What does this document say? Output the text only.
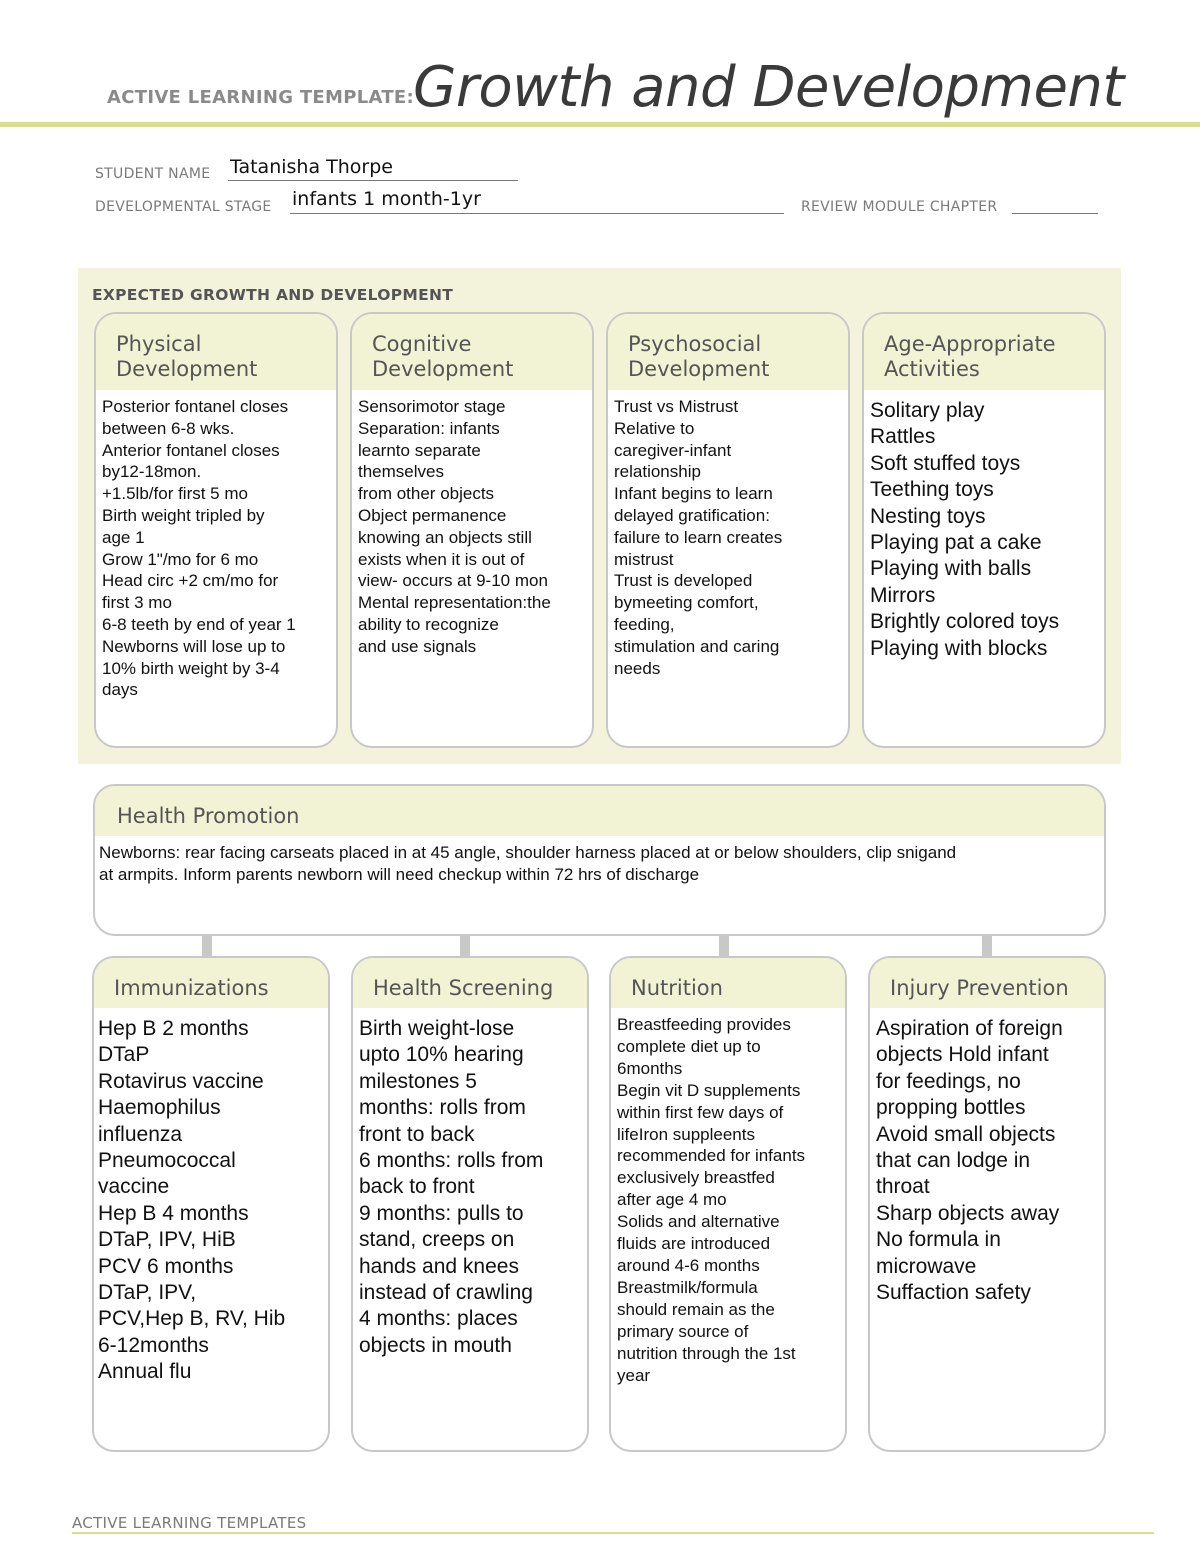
ACTIVE LEARNING TEMPLATE: Growth and Development
STUDENT NAME Tatanisha Thorpe
DEVELOPMENTAL STAGE infants 1 month-1yr	REVIEW MODULE CHAPTER
EXPECTED GROWTH AND DEVELOPMENT
Physical
Development
Posterior fontanel closes
between 6-8 wks.
Anterior fontanel closes
by12-18mon.
+1.5lb/for first 5 mo
Birth weight tripled by
age 1
Grow 1"/mo for 6 mo
Head circ +2 cm/mo for
first 3 mo
6-8 teeth by end of year 1
Newborns will lose up to
10% birth weight by 3-4
days
Cognitive
Development
Sensorimotor stage
Separation: infants
learnto separate
themselves
from other objects
Object permanence
knowing an objects still
exists when it is out of
view- occurs at 9-10 mon
Mental representation:the
ability to recognize
and use signals
Psychosocial
Development
Trust vs Mistrust
Relative to
caregiver-infant
relationship
Infant begins to learn
delayed gratification:
failure to learn creates
mistrust
Trust is developed
bymeeting comfort,
feeding,
stimulation and caring
needs
Age-Appropriate
Activities
Solitary play
Rattles
Soft stuffed toys
Teething toys
Nesting toys
Playing pat a cake
Playing with balls
Mirrors
Brightly colored toys
Playing with blocks
Health Promotion
Newborns: rear facing carseats placed in at 45 angle, shoulder harness placed at or below shoulders, clip snigand
at armpits. Inform parents newborn will need checkup within 72 hrs of discharge
Immunizations
Hep B 2 months
DTaP
Rotavirus vaccine
Haemophilus
influenza
Pneumococcal
vaccine
Hep B 4 months
DTaP, IPV, HiB
PCV 6 months
DTaP, IPV,
PCV,Hep B, RV, Hib
6-12months
Annual flu
Health Screening
Birth weight-lose
upto 10% hearing
milestones 5
months: rolls from
front to back
6 months: rolls from
back to front
9 months: pulls to
stand, creeps on
hands and knees
instead of crawling
4 months: places
objects in mouth
Nutrition
Breastfeeding provides
complete diet up to
6months
Begin vit D supplements
within first few days of
lifeIron suppleents
recommended for infants
exclusively breastfed
after age 4 mo
Solids and alternative
fluids are introduced
around 4-6 months
Breastmilk/formula
should remain as the
primary source of
nutrition through the 1st
year
Injury Prevention
Aspiration of foreign
objects Hold infant
for feedings, no
propping bottles
Avoid small objects
that can lodge in
throat
Sharp objects away
No formula in
microwave
Suffaction safety
ACTIVE LEARNING TEMPLATES
